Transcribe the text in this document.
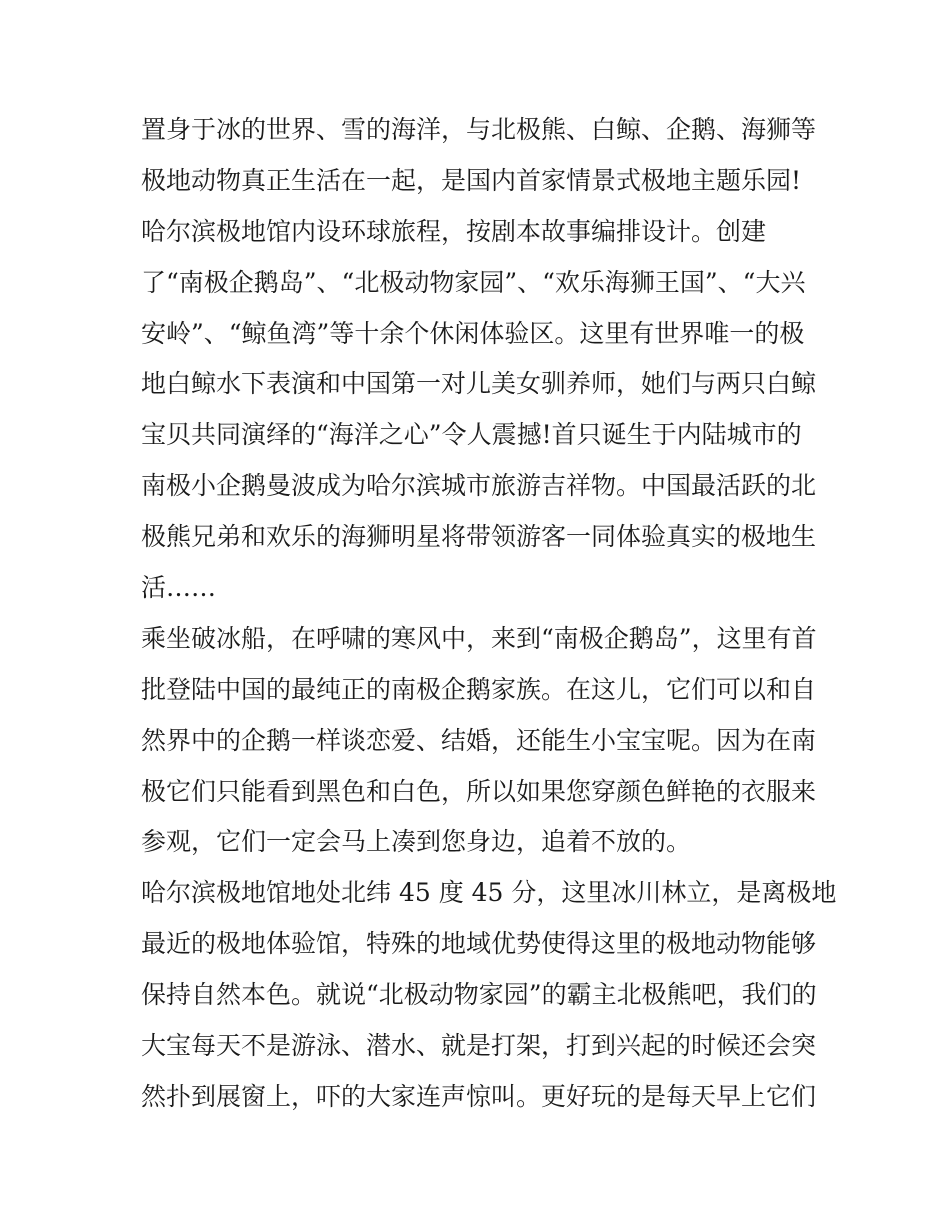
置身于冰的世界、雪的海洋，与北极熊、白鲸、企鹅、海狮等
极地动物真正生活在一起，是国内首家情景式极地主题乐园!
哈尔滨极地馆内设环球旅程，按剧本故事编排设计。创建
了“南极企鹅岛”、“北极动物家园”、“欢乐海狮王国”、“大兴
安岭”、“鲸鱼湾”等十余个休闲体验区。这里有世界唯一的极
地白鲸水下表演和中国第一对儿美女驯养师，她们与两只白鲸
宝贝共同演绎的“海洋之心”令人震撼!首只诞生于内陆城市的
南极小企鹅曼波成为哈尔滨城市旅游吉祥物。中国最活跃的北
极熊兄弟和欢乐的海狮明星将带领游客一同体验真实的极地生
活……
乘坐破冰船，在呼啸的寒风中，来到“南极企鹅岛”，这里有首
批登陆中国的最纯正的南极企鹅家族。在这儿，它们可以和自
然界中的企鹅一样谈恋爱、结婚，还能生小宝宝呢。因为在南
极它们只能看到黑色和白色，所以如果您穿颜色鲜艳的衣服来
参观，它们一定会马上凑到您身边，追着不放的。
哈尔滨极地馆地处北纬 45 度 45 分，这里冰川林立，是离极地
最近的极地体验馆，特殊的地域优势使得这里的极地动物能够
保持自然本色。就说“北极动物家园”的霸主北极熊吧，我们的
大宝每天不是游泳、潜水、就是打架，打到兴起的时候还会突
然扑到展窗上，吓的大家连声惊叫。更好玩的是每天早上它们
